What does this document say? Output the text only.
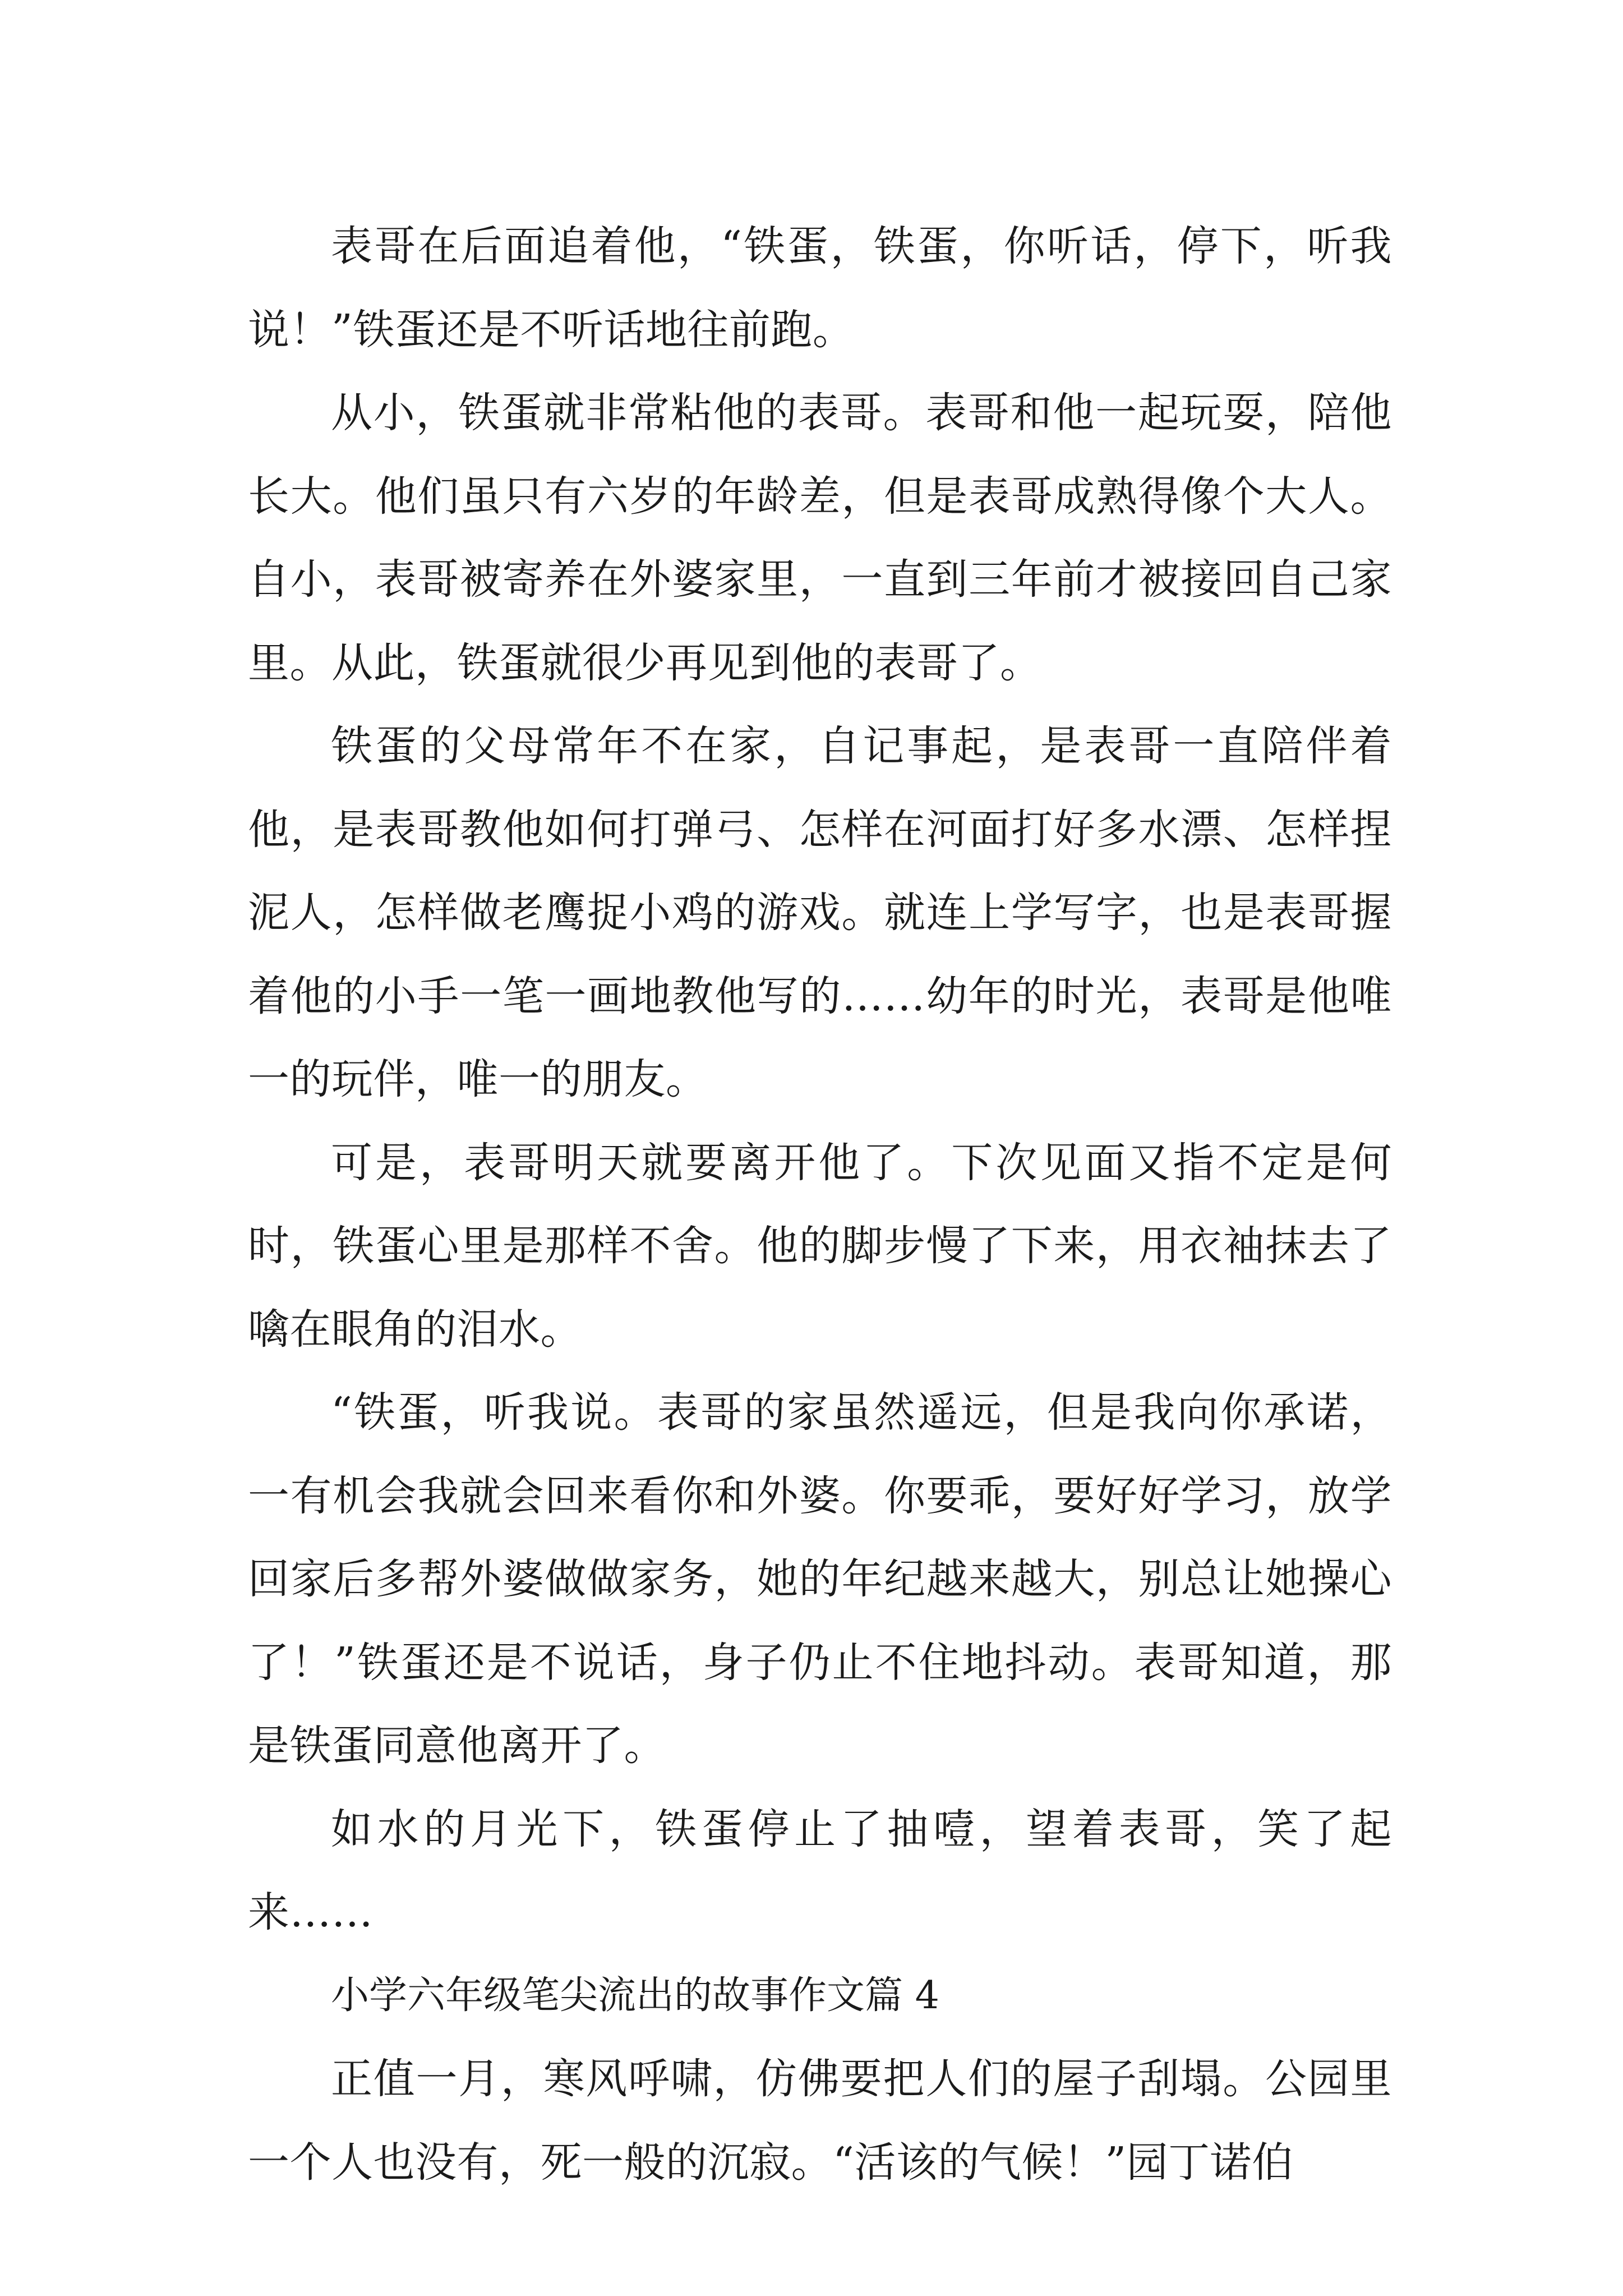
表哥在后面追着他，“铁蛋，铁蛋，你听话，停下，听我说！”铁蛋还是不听话地往前跑。

从小，铁蛋就非常粘他的表哥。表哥和他一起玩耍，陪他长大。他们虽只有六岁的年龄差，但是表哥成熟得像个大人。自小，表哥被寄养在外婆家里，一直到三年前才被接回自己家里。从此，铁蛋就很少再见到他的表哥了。

铁蛋的父母常年不在家，自记事起，是表哥一直陪伴着他，是表哥教他如何打弹弓、怎样在河面打好多水漂、怎样捏泥人，怎样做老鹰捉小鸡的游戏。就连上学写字，也是表哥握着他的小手一笔一画地教他写的……幼年的时光，表哥是他唯一的玩伴，唯一的朋友。

可是，表哥明天就要离开他了。下次见面又指不定是何时，铁蛋心里是那样不舍。他的脚步慢了下来，用衣袖抹去了噙在眼角的泪水。

“铁蛋，听我说。表哥的家虽然遥远，但是我向你承诺，一有机会我就会回来看你和外婆。你要乖，要好好学习，放学回家后多帮外婆做做家务，她的年纪越来越大，别总让她操心了！”铁蛋还是不说话，身子仍止不住地抖动。表哥知道，那是铁蛋同意他离开了。

如水的月光下，铁蛋停止了抽噎，望着表哥，笑了起来……

小学六年级笔尖流出的故事作文篇 4

正值一月，寒风呼啸，仿佛要把人们的屋子刮塌。公园里一个人也没有，死一般的沉寂。“活该的气候！”园丁诺伯
